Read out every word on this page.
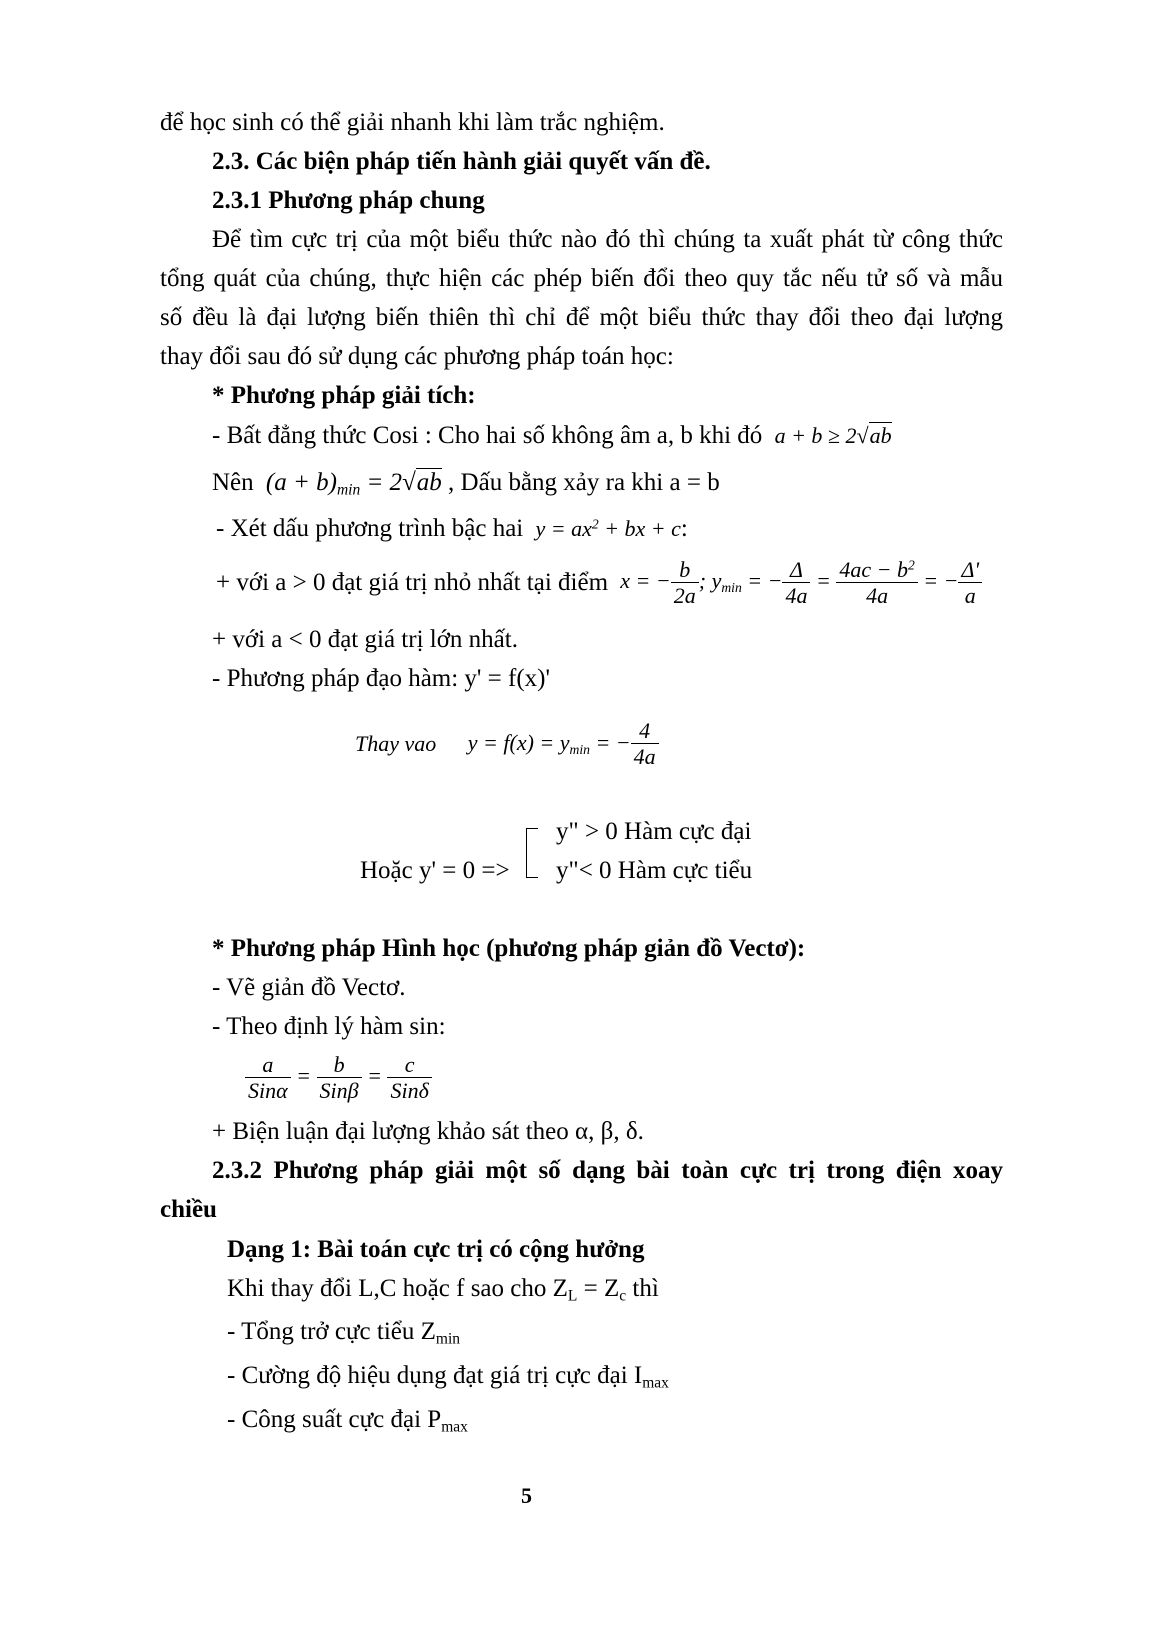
để học sinh có thể giải nhanh khi làm trắc nghiệm.
2.3. Các biện pháp tiến hành giải quyết vấn đề.
2.3.1 Phương pháp chung
Để tìm cực trị của một biểu thức nào đó thì chúng ta xuất phát từ công thức
tổng quát của chúng, thực hiện các phép biến đổi theo quy tắc nếu tử số và mẫu
số đều là đại lượng biến thiên thì chỉ để một biểu thức thay đổi theo đại lượng
thay đổi sau đó sử dụng các phương pháp toán học:
* Phương pháp giải tích:
- Bất đẳng thức Cosi : Cho hai số không âm a, b khi đó a + b ≥ 2√ab
Nên $(a + b)_{min} = 2√ab$ , Dấu bằng xảy ra khi a = b
- Xét dấu phương trình bậc hai $y = ax^2$ + bx + c:
+ với a > 0 đạt giá trị nhỏ nhất tại điểm x = − $\frac{b}{2a}$ ; $y_{min}$ = − $\frac{\Delta}{4a} = \frac{4ac - b^2}{4a}$ = − $\frac{\Delta'}{a}$
+ với a < 0 đạt giá trị lớn nhất.
- Phương pháp đạo hàm: y' = f(x)'
Thay vao $y = f(x) = y_{min}$ = − $\frac{4}{4a}$
y" > 0 Hàm cực đại
Hoặc y' = 0 => y"< 0 Hàm cực tiểu
* Phương pháp Hình học (phương pháp giản đồ Vectơ):
- Vẽ giản đồ Vectơ.
- Theo định lý hàm sin:
$\frac{a}{\text{Sinα}} = \frac{b}{\text{Sinβ}} = \frac{c}{\text{Sinδ}}$
+ Biện luận đại lượng khảo sát theo α, β, δ.
2.3.2 Phương pháp giải một số dạng bài toàn cực trị trong điện xoay
chiều
Dạng 1: Bài toán cực trị có cộng hưởng
Khi thay đổi L,C hoặc f sao cho $Z_L = Z_c$ thì
- Tổng trở cực tiểu $Z_{min}$
- Cường độ hiệu dụng đạt giá trị cực đại $I_{max}$
- Công suất cực đại $P_{max}$
5
